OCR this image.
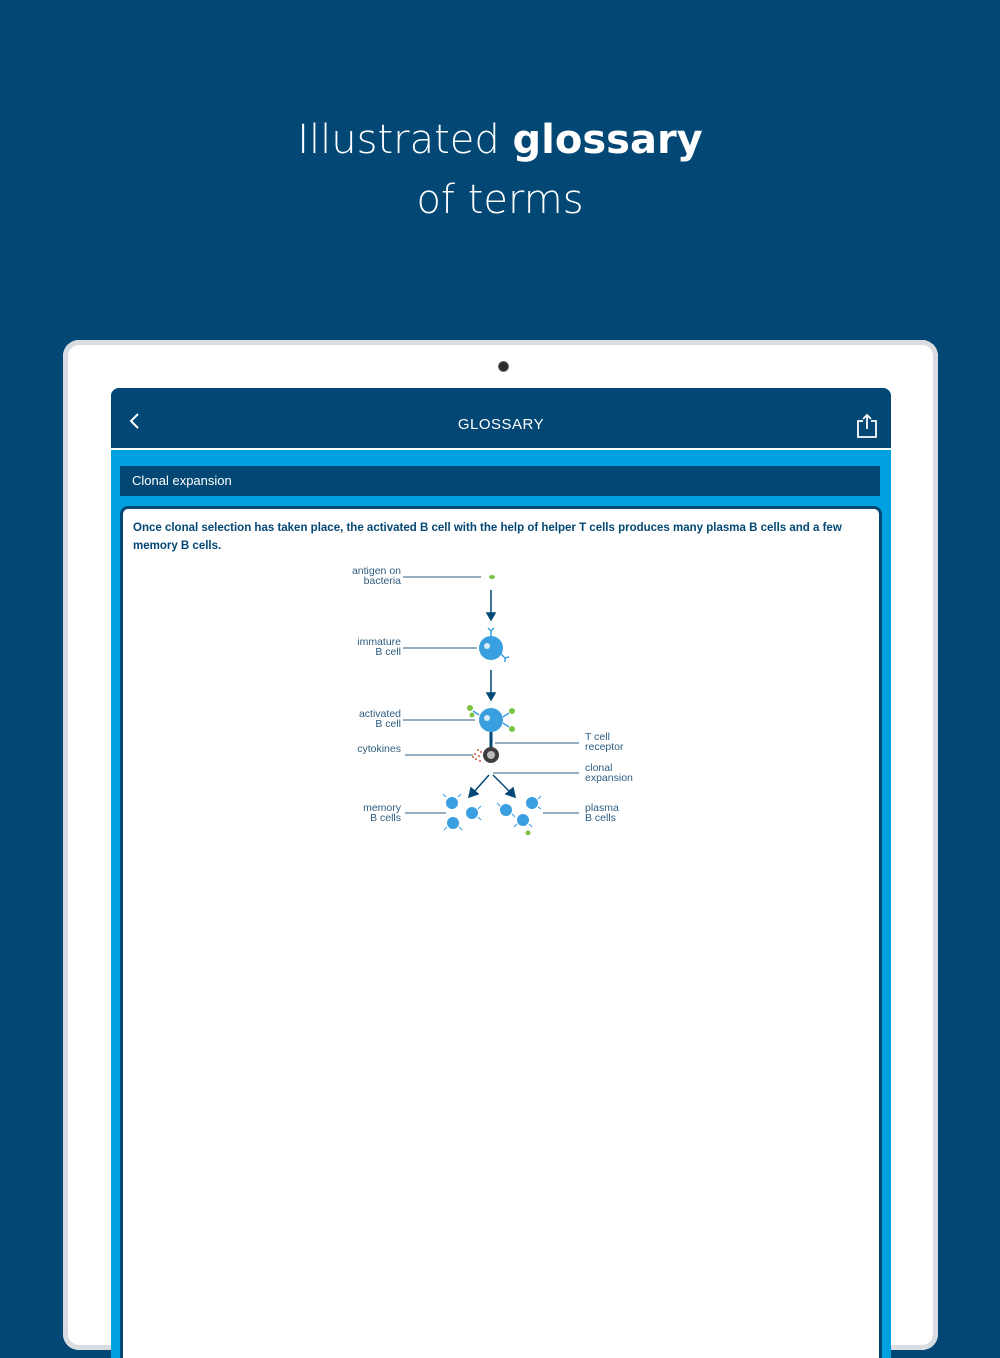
Illustrated glossary
of terms
GLOSSARY
Clonal expansion
Once clonal selection has taken place, the activated B cell with the help of helper T cells produces many plasma B cells and a few memory B cells.
antigen on
bacteria
immature
B cell
activated
B cell
cytokines
memory
B cells
T cell
receptor
clonal
expansion
plasma
B cells
